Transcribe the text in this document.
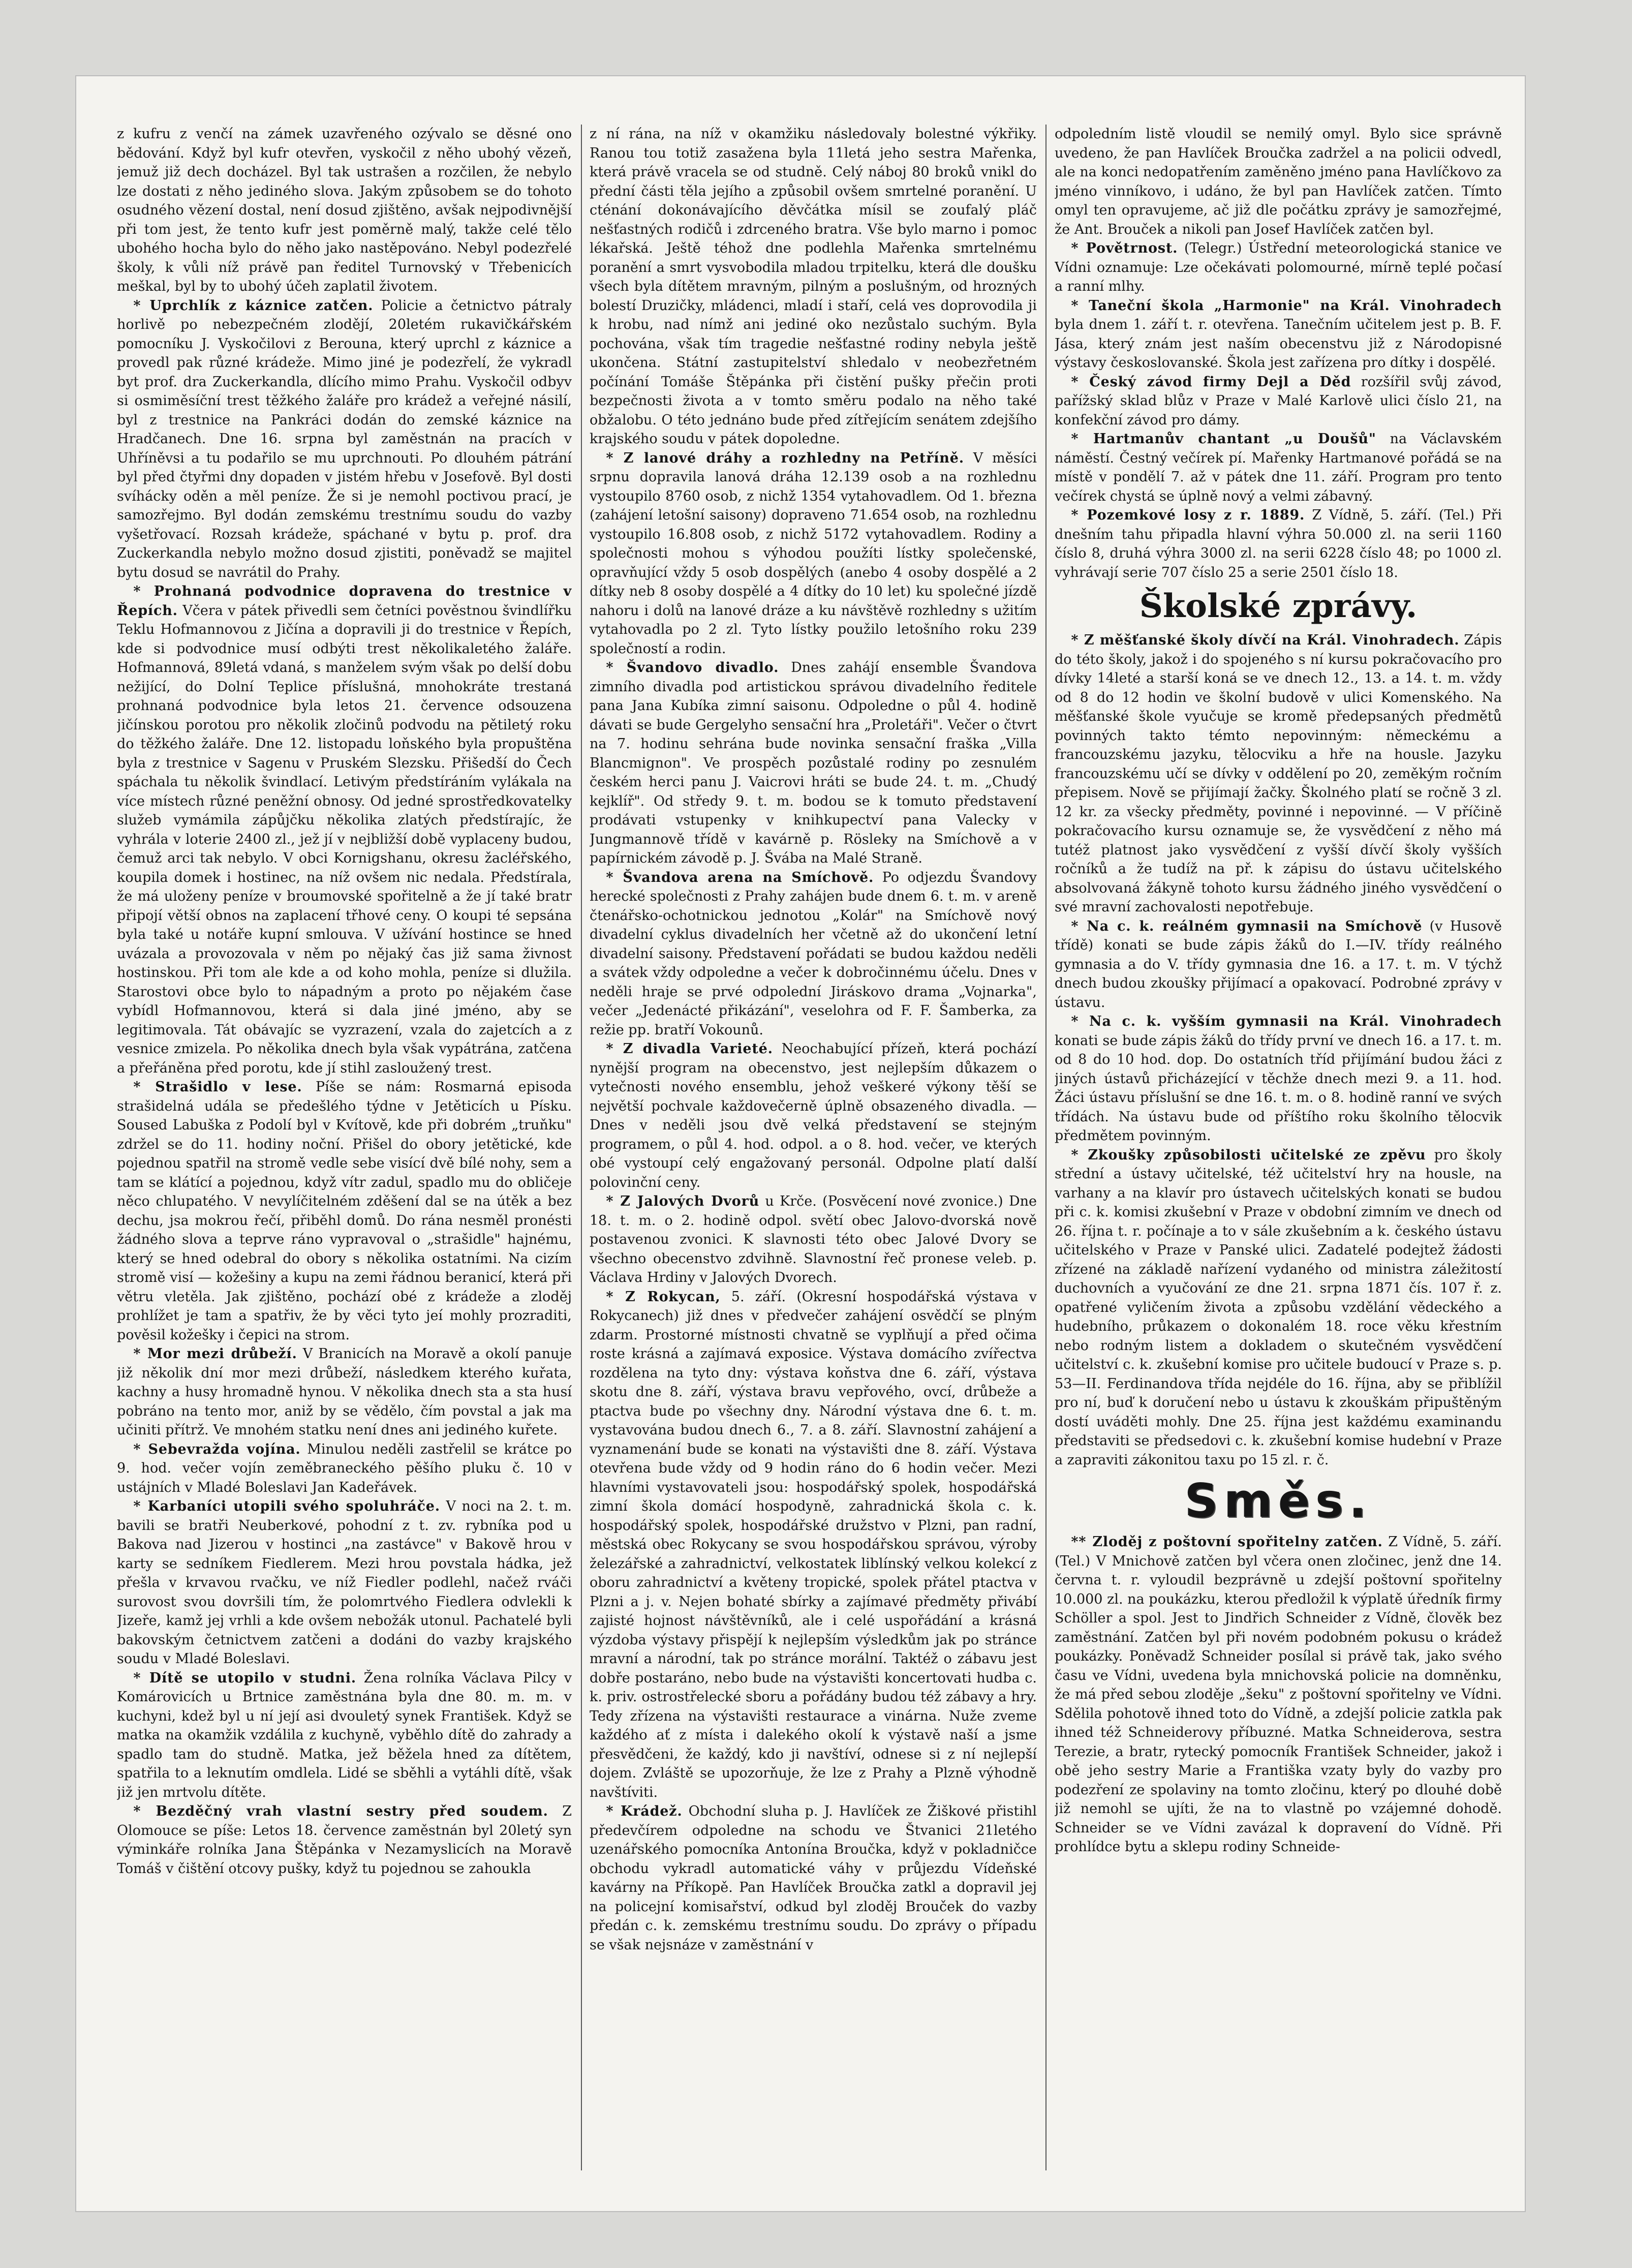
z kufru z venčí na zámek uzavřeného ozývalo se děsné ono bědování. Když byl kufr otevřen, vyskočil z něho ubohý vězeň, jemuž již dech docházel. Byl tak ustrašen a rozčilen, že nebylo lze dostati z něho jediného slova. Jakým způsobem se do tohoto osudného vězení dostal, není dosud zjištěno, avšak nejpodivnější při tom jest, že tento kufr jest poměrně malý, takže celé tělo ubohého hocha bylo do něho jako nastěpováno. Nebyl podezřelé školy, k vůli níž právě pan ředitel Turnovský v Třebenicích meškal, byl by to ubohý účeh zaplatil životem.

* Uprchlík z káznice zatčen. Policie a četnictvo pátraly horlivě po nebezpečném zlodějí, 20letém rukavičkářském pomocníku J. Vyskočilovi z Berouna, který uprchl z káznice a provedl pak různé krádeže. Mimo jiné je podezřelí, že vykradl byt prof. dra Zuckerkandla, dlícího mimo Prahu. Vyskočil odbyv si osmiměsíční trest těžkého žaláře pro krádež a veřejné násilí, byl z trestnice na Pankráci dodán do zemské káznice na Hradčanech. Dne 16. srpna byl zaměstnán na pracích v Uhříněvsi a tu podařilo se mu uprchnouti. Po dlouhém pátrání byl před čtyřmi dny dopaden v jistém hřebu v Josefově. Byl dosti svíhácky oděn a měl peníze. Že si je nemohl poctivou prací, je samozřejmo. Byl dodán zemskému trestnímu soudu do vazby vyšetřovací. Rozsah krádeže, spáchané v bytu p. prof. dra Zuckerkandla nebylo možno dosud zjistiti, poněvadž se majitel bytu dosud se navrátil do Prahy.

* Prohnaná podvodnice dopravena do trestnice v Řepích. Včera v pátek přivedli sem četníci pověstnou švindlířku Teklu Hofmannovou z Jičína a dopravili ji do trestnice v Řepích, kde si podvodnice musí odbýti trest několikaletého žaláře. Hofmannová, 89letá vdaná, s manželem svým však po delší dobu nežijící, do Dolní Teplice příslušná, mnohokráte trestaná prohnaná podvodnice byla letos 21. července odsouzena jičínskou porotou pro několik zločinů podvodu na pětiletý roku do těžkého žaláře. Dne 12. listopadu loňského byla propuštěna byla z trestnice v Sagenu v Pruském Slezsku. Přišedší do Čech spáchala tu několik švindlací. Letivým předstíráním vylákala na více místech různé peněžní obnosy. Od jedné sprostředkovatelky služeb vymámila zápůjčku několika zlatých předstírajíc, že vyhrála v loterie 2400 zl., jež jí v nejbližší době vyplaceny budou, čemuž arci tak nebylo. V obci Kornigshanu, okresu žacléřského, koupila domek i hostinec, na níž ovšem nic nedala. Předstírala, že má uloženy peníze v broumovské spořitelně a že jí také bratr připojí větší obnos na zaplacení třhové ceny. O koupi té sepsána byla také u notáře kupní smlouva. V užívání hostince se hned uvázala a provozovala v něm po nějaký čas již sama živnost hostinskou. Při tom ale kde a od koho mohla, peníze si dlužila. Starostovi obce bylo to nápadným a proto po nějakém čase vybídl Hofmannovou, která si dala jiné jméno, aby se legitimovala. Tát obávajíc se vyzrazení, vzala do zajetcích a z vesnice zmizela. Po několika dnech byla však vypátrána, zatčena a přeřáněna před porotu, kde jí stihl zasloužený trest.

* Strašidlo v lese. Píše se nám: Rosmarná episoda strašidelná udála se předešlého týdne v Jetěticích u Písku. Soused Labuška z Podolí byl v Kvítově, kde při dobrém „truňku" zdržel se do 11. hodiny noční. Přišel do obory jetětické, kde pojednou spatřil na stromě vedle sebe visící dvě bílé nohy, sem a tam se klátící a pojednou, když vítr zadul, spadlo mu do obličeje něco chlupatého. V nevylíčitelném zděšení dal se na útěk a bez dechu, jsa mokrou řečí, přiběhl domů. Do rána nesměl pronésti žádného slova a teprve ráno vypravoval o „strašidle" hajnému, který se hned odebral do obory s několika ostatními. Na cizím stromě visí — kožešiny a kupu na zemi řádnou beranicí, která při větru vletěla. Jak zjištěno, pochází obé z krádeže a zloděj prohlížet je tam a spatřiv, že by věci tyto jeí mohly prozraditi, pověsil kožešky i čepici na strom.

* Mor mezi drůbeží. V Branicích na Moravě a okolí panuje již několik dní mor mezi drůbeží, následkem kterého kuřata, kachny a husy hromadně hynou. V několika dnech sta a sta husí pobráno na tento mor, aniž by se vědělo, čím povstal a jak ma učiniti přítrž. Ve mnohém statku není dnes ani jediného kuřete.

* Sebevražda vojína. Minulou neděli zastřelil se krátce po 9. hod. večer vojín zeměbraneckého pěšího pluku č. 10 v ustájních v Mladé Boleslavi Jan Kadeřávek.

* Karbaníci utopili svého spoluhráče. V noci na 2. t. m. bavili se bratři Neuberkové, pohodní z t. zv. rybníka pod u Bakova nad Jizerou v hostinci „na zastávce" v Bakově hrou v karty se sedníkem Fiedlerem. Mezi hrou povstala hádka, jež přešla v krvavou rvačku, ve níž Fiedler podlehl, načež rváči surovost svou dovršili tím, že polomrtvého Fiedlera odvlekli k Jizeře, kamž jej vrhli a kde ovšem nebožák utonul. Pachatelé byli bakovským četnictvem zatčeni a dodáni do vazby krajského soudu v Mladé Boleslavi.

* Dítě se utopilo v studni. Žena rolníka Václava Pilcy v Komárovicích u Brtnice zaměstnána byla dne 80. m. m. v kuchyni, kdež byl u ní její asi dvouletý synek František. Když se matka na okamžik vzdálila z kuchyně, vyběhlo dítě do zahrady a spadlo tam do studně. Matka, jež běžela hned za dítětem, spatřila to a leknutím omdlela. Lidé se sběhli a vytáhli dítě, však již jen mrtvolu dítěte.

* Bezděčný vrah vlastní sestry před soudem. Z Olomouce se píše: Letos 18. července zaměstnán byl 20letý syn výminkáře rolníka Jana Štěpánka v Nezamyslicích na Moravě Tomáš v čištění otcovy pušky, když tu pojednou se zahoukla

z ní rána, na níž v okamžiku následovaly bolestné výkřiky. Ranou tou totiž zasažena byla 11letá jeho sestra Mařenka, která právě vracela se od studně. Celý náboj 80 broků vnikl do přední části těla jejího a způsobil ovšem smrtelné poranění. U cténání dokonávajícího děvčátka mísil se zoufalý pláč nešťastných rodičů i zdrceného bratra. Vše bylo marno i pomoc lékařská. Ještě téhož dne podlehla Mařenka smrtelnému poranění a smrt vysvobodila mladou trpitelku, která dle doušku všech byla dítětem mravným, pilným a poslušným, od hrozných bolestí Druzičky, mládenci, mladí i staří, celá ves doprovodila ji k hrobu, nad nímž ani jediné oko nezůstalo suchým. Byla pochována, však tím tragedie nešťastné rodiny nebyla ještě ukončena. Státní zastupitelství shledalo v neobezřetném počínání Tomáše Štěpánka při čistění pušky přečin proti bezpečnosti života a v tomto směru podalo na něho také obžalobu. O této jednáno bude před zítřejícím senátem zdejšího krajského soudu v pátek dopoledne.

* Z lanové dráhy a rozhledny na Petříně. V měsíci srpnu dopravila lanová dráha 12.139 osob a na rozhlednu vystoupilo 8760 osob, z nichž 1354 vytahovadlem. Od 1. března (zahájení letošní saisony) dopraveno 71.654 osob, na rozhlednu vystoupilo 16.808 osob, z nichž 5172 vytahovadlem. Rodiny a společnosti mohou s výhodou použíti lístky společenské, opravňující vždy 5 osob dospělých (anebo 4 osoby dospělé a 2 dítky neb 8 osoby dospělé a 4 dítky do 10 let) ku společné jízdě nahoru i dolů na lanové dráze a ku návštěvě rozhledny s užitím vytahovadla po 2 zl. Tyto lístky použilo letošního roku 239 společností a rodin.

* Švandovo divadlo. Dnes zahájí ensemble Švandova zimního divadla pod artistickou správou divadelního ředitele pana Jana Kubíka zimní saisonu. Odpoledne o půl 4. hodině dávati se bude Gergelyho sensační hra „Proletáři". Večer o čtvrt na 7. hodinu sehrána bude novinka sensační fraška „Villa Blancmignon". Ve prospěch pozůstalé rodiny po zesnulém českém herci panu J. Vaicrovi hráti se bude 24. t. m. „Chudý kejklíř". Od středy 9. t. m. bodou se k tomuto představení prodávati vstupenky v knihkupectví pana Valecky v Jungmannově třídě v kavárně p. Rösleky na Smíchově a v papírnickém závodě p. J. Švába na Malé Straně.

* Švandova arena na Smíchově. Po odjezdu Švandovy herecké společnosti z Prahy zahájen bude dnem 6. t. m. v areně čtenářsko-ochotnickou jednotou „Kolár" na Smíchově nový divadelní cyklus divadelních her včetně až do ukončení letní divadelní saisony. Představení pořádati se budou každou neděli a svátek vždy odpoledne a večer k dobročinnému účelu. Dnes v neděli hraje se prvé odpolední Jiráskovo drama „Vojnarka", večer „Jedenácté přikázání", veselohra od F. F. Šamberka, za režie pp. bratří Vokounů.

* Z divadla Varieté. Neochabující přízeň, která pochází nynější program na obecenstvo, jest nejlepším důkazem o vytečnosti nového ensemblu, jehož veškeré výkony těší se největší pochvale každovečerně úplně obsazeného divadla. — Dnes v neděli jsou dvě velká představení se stejným programem, o půl 4. hod. odpol. a o 8. hod. večer, ve kterých obé vystoupí celý engažovaný personál. Odpolne platí další polovinční ceny.

* Z Jalových Dvorů u Krče. (Posvěcení nové zvonice.) Dne 18. t. m. o 2. hodině odpol. světí obec Jalovo-dvorská nově postavenou zvonici. K slavnosti této obec Jalové Dvory se všechno obecenstvo zdvihně. Slavnostní řeč pronese veleb. p. Václava Hrdiny v Jalových Dvorech.

* Z Rokycan, 5. září. (Okresní hospodářská výstava v Rokycanech) již dnes v předvečer zahájení osvědčí se plným zdarm. Prostorné místnosti chvatně se vyplňují a před očima roste krásná a zajímavá exposice. Výstava domácího zvířectva rozdělena na tyto dny: výstava koňstva dne 6. září, výstava skotu dne 8. září, výstava bravu vepřového, ovcí, drůbeže a ptactva bude po všechny dny. Národní výstava dne 6. t. m. vystavována budou dnech 6., 7. a 8. září. Slavnostní zahájení a vyznamenání bude se konati na výstavišti dne 8. září. Výstava otevřena bude vždy od 9 hodin ráno do 6 hodin večer. Mezi hlavními vystavovateli jsou: hospodářský spolek, hospodářská zimní škola domácí hospodyně, zahradnická škola c. k. hospodářský spolek, hospodářské družstvo v Plzni, pan radní, městská obec Rokycany se svou hospodářskou správou, výroby železářské a zahradnictví, velkostatek liblínský velkou kolekcí z oboru zahradnictví a květeny tropické, spolek přátel ptactva v Plzni a j. v. Nejen bohaté sbírky a zajímavé předměty přivábí zajisté hojnost návštěvníků, ale i celé uspořádání a krásná výzdoba výstavy přispějí k nejlepším výsledkům jak po stránce mravní a národní, tak po stránce morální. Taktéž o zábavu jest dobře postaráno, nebo bude na výstavišti koncertovati hudba c. k. priv. ostrostřelecké sboru a pořádány budou též zábavy a hry. Tedy zřízena na výstavišti restaurace a vinárna. Nuže zveme každého ať z místa i dalekého okolí k výstavě naší a jsme přesvědčeni, že každý, kdo ji navštíví, odnese si z ní nejlepší dojem. Zvláště se upozorňuje, že lze z Prahy a Plzně výhodně navštíviti.

* Krádež. Obchodní sluha p. J. Havlíček ze Žiškové přistihl předevčírem odpoledne na schodu ve Štvanici 21letého uzenářského pomocníka Antonína Broučka, když v pokladničce obchodu vykradl automatické váhy v průjezdu Vídeňské kavárny na Příkopě. Pan Havlíček Broučka zatkl a dopravil jej na policejní komisařství, odkud byl zloděj Brouček do vazby předán c. k. zemskému trestnímu soudu. Do zprávy o případu se však nejsnáze v zaměstnání v

odpoledním listě vloudil se nemilý omyl. Bylo sice správně uvedeno, že pan Havlíček Broučka zadržel a na policii odvedl, ale na konci nedopatřením zaměněno jméno pana Havlíčkovo za jméno vinníkovo, i udáno, že byl pan Havlíček zatčen. Tímto omyl ten opravujeme, ač již dle počátku zprávy je samozřejmé, že Ant. Brouček a nikoli pan Josef Havlíček zatčen byl.

* Povětrnost. (Telegr.) Ústřední meteorologická stanice ve Vídni oznamuje: Lze očekávati polomourné, mírně teplé počasí a ranní mlhy.

* Taneční škola „Harmonie" na Král. Vinohradech byla dnem 1. září t. r. otevřena. Tanečním učitelem jest p. B. F. Jása, který znám jest naším obecenstvu již z Národopisné výstavy českoslovanské. Škola jest zařízena pro dítky i dospělé.

* Český závod firmy Dejl a Děd rozšířil svůj závod, pařížský sklad blůz v Praze v Malé Karlově ulici číslo 21, na konfekční závod pro dámy.

* Hartmanův chantant „u Doušů" na Václavském náměstí. Čestný večírek pí. Mařenky Hartmanové pořádá se na místě v pondělí 7. až v pátek dne 11. září. Program pro tento večírek chystá se úplně nový a velmi zábavný.

* Pozemkové losy z r. 1889. Z Vídně, 5. září. (Tel.) Při dnešním tahu připadla hlavní výhra 50.000 zl. na serii 1160 číslo 8, druhá výhra 3000 zl. na serii 6228 číslo 48; po 1000 zl. vyhrávají serie 707 číslo 25 a serie 2501 číslo 18.

Školské zprávy.

* Z měšťanské školy dívčí na Král. Vinohradech. Zápis do této školy, jakož i do spojeného s ní kursu pokračovacího pro dívky 14leté a starší koná se ve dnech 12., 13. a 14. t. m. vždy od 8 do 12 hodin ve školní budově v ulici Komenského. Na měšťanské škole vyučuje se kromě předepsaných předmětů povinných takto témto nepovinným: německému a francouzskému jazyku, tělocviku a hře na housle. Jazyku francouzskému učí se dívky v oddělení po 20, zeměkým ročním přepisem. Nově se přijímají žačky. Školného platí se ročně 3 zl. 12 kr. za všecky předměty, povinné i nepovinné. — V příčině pokračovacího kursu oznamuje se, že vysvědčení z něho má tutéž platnost jako vysvědčení z vyšší dívčí školy vyšších ročníků a že tudíž na př. k zápisu do ústavu učitelského absolvovaná žákyně tohoto kursu žádného jiného vysvědčení o své mravní zachovalosti nepotřebuje.

* Na c. k. reálném gymnasii na Smíchově (v Husově třídě) konati se bude zápis žáků do I.—IV. třídy reálného gymnasia a do V. třídy gymnasia dne 16. a 17. t. m. V týchž dnech budou zkoušky přijímací a opakovací. Podrobné zprávy v ústavu.

* Na c. k. vyšším gymnasii na Král. Vinohradech konati se bude zápis žáků do třídy první ve dnech 16. a 17. t. m. od 8 do 10 hod. dop. Do ostatních tříd přijímání budou žáci z jiných ústavů přicházející v těchže dnech mezi 9. a 11. hod. Žáci ústavu příslušní se dne 16. t. m. o 8. hodině ranní ve svých třídách. Na ústavu bude od příštího roku školního tělocvik předmětem povinným.

* Zkoušky způsobilosti učitelské ze zpěvu pro školy střední a ústavy učitelské, též učitelství hry na housle, na varhany a na klavír pro ústavech učitelských konati se budou při c. k. komisi zkušební v Praze v obdobní zimním ve dnech od 26. října t. r. počínaje a to v sále zkušebním a k. českého ústavu učitelského v Praze v Panské ulici. Zadatelé podejtež žádosti zřízené na základě nařízení vydaného od ministra záležitostí duchovních a vyučování ze dne 21. srpna 1871 čís. 107 ř. z. opatřené vyličením života a způsobu vzdělání vědeckého a hudebního, průkazem o dokonalém 18. roce věku křestním nebo rodným listem a dokladem o skutečném vysvědčení učitelství c. k. zkušební komise pro učitele budoucí v Praze s. p. 53—II. Ferdinandova třída nejdéle do 16. října, aby se přiblížil pro ní, buď k doručení nebo u ústavu k zkouškám připuštěným dostí uváděti mohly. Dne 25. října jest každému examinandu představiti se předsedovi c. k. zkušební komise hudební v Praze a zapraviti zákonitou taxu po 15 zl. r. č.

Směs.

** Zloděj z poštovní spořitelny zatčen. Z Vídně, 5. září. (Tel.) V Mnichově zatčen byl včera onen zločinec, jenž dne 14. června t. r. vyloudil bezprávně u zdejší poštovní spořitelny 10.000 zl. na poukázku, kterou předložil k výplatě úředník firmy Schöller a spol. Jest to Jindřich Schneider z Vídně, člověk bez zaměstnání. Zatčen byl při novém podobném pokusu o krádež poukázky. Poněvadž Schneider posílal si právě tak, jako svého času ve Vídni, uvedena byla mnichovská policie na domněnku, že má před sebou zloděje „šeku" z poštovní spořitelny ve Vídni. Sdělila pohotově ihned toto do Vídně, a zdejší policie zatkla pak ihned též Schneiderovy příbuzné. Matka Schneiderova, sestra Terezie, a bratr, rytecký pomocník František Schneider, jakož i obě jeho sestry Marie a Františka vzaty byly do vazby pro podezření ze spolaviny na tomto zločinu, který po dlouhé době již nemohl se ujíti, že na to vlastně po vzájemné dohodě. Schneider se ve Vídni zavázal k dopravení do Vídně. Při prohlídce bytu a sklepu rodiny Schneide-
